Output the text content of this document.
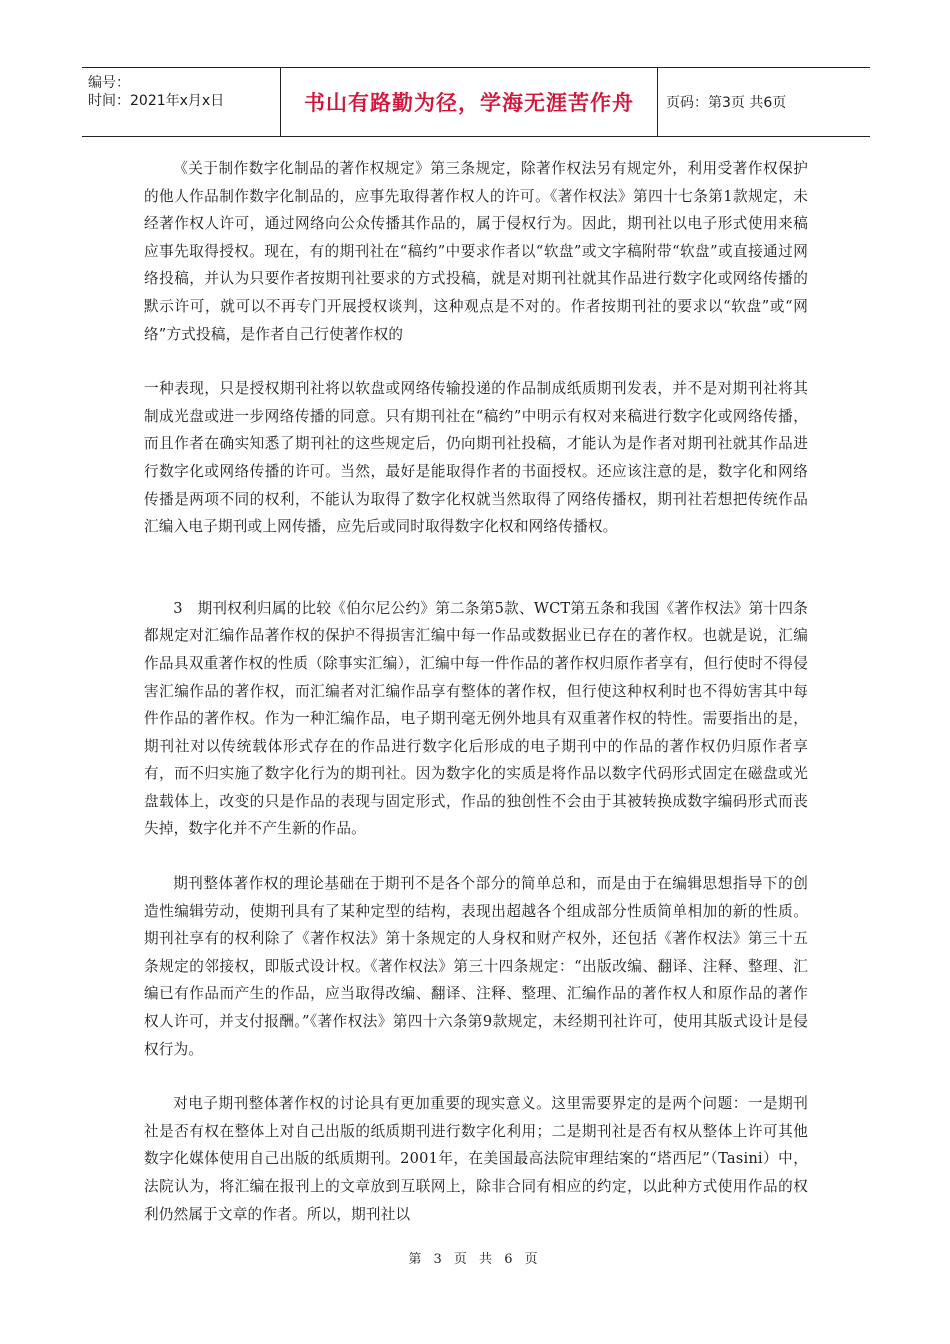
编号：
时间：2021年x月x日	书山有路勤为径，学海无涯苦作舟 页码：第3页 共6页

《关于制作数字化制品的著作权规定》第三条规定，除著作权法另有规定外，利用受著作权保护的他人作品制作数字化制品的，应事先取得著作权人的许可。《著作权法》第四十七条第1款规定，未经著作权人许可，通过网络向公众传播其作品的，属于侵权行为。因此，期刊社以电子形式使用来稿应事先取得授权。现在，有的期刊社在“稿约”中要求作者以“软盘”或文字稿附带“软盘”或直接通过网络投稿，并认为只要作者按期刊社要求的方式投稿，就是对期刊社就其作品进行数字化或网络传播的默示许可，就可以不再专门开展授权谈判，这种观点是不对的。作者按期刊社的要求以“软盘”或“网络”方式投稿，是作者自己行使著作权的

一种表现，只是授权期刊社将以软盘或网络传输投递的作品制成纸质期刊发表，并不是对期刊社将其制成光盘或进一步网络传播的同意。只有期刊社在“稿约”中明示有权对来稿进行数字化或网络传播，而且作者在确实知悉了期刊社的这些规定后，仍向期刊社投稿，才能认为是作者对期刊社就其作品进行数字化或网络传播的许可。当然，最好是能取得作者的书面授权。还应该注意的是，数字化和网络传播是两项不同的权利，不能认为取得了数字化权就当然取得了网络传播权，期刊社若想把传统作品汇编入电子期刊或上网传播，应先后或同时取得数字化权和网络传播权。

3　期刊权利归属的比较《伯尔尼公约》第二条第5款、WCT第五条和我国《著作权法》第十四条都规定对汇编作品著作权的保护不得损害汇编中每一作品或数据业已存在的著作权。也就是说，汇编作品具双重著作权的性质（除事实汇编），汇编中每一件作品的著作权归原作者享有，但行使时不得侵害汇编作品的著作权，而汇编者对汇编作品享有整体的著作权，但行使这种权利时也不得妨害其中每件作品的著作权。作为一种汇编作品，电子期刊毫无例外地具有双重著作权的特性。需要指出的是，期刊社对以传统载体形式存在的作品进行数字化后形成的电子期刊中的作品的著作权仍归原作者享有，而不归实施了数字化行为的期刊社。因为数字化的实质是将作品以数字代码形式固定在磁盘或光盘载体上，改变的只是作品的表现与固定形式，作品的独创性不会由于其被转换成数字编码形式而丧失掉，数字化并不产生新的作品。

期刊整体著作权的理论基础在于期刊不是各个部分的简单总和，而是由于在编辑思想指导下的创造性编辑劳动，使期刊具有了某种定型的结构，表现出超越各个组成部分性质简单相加的新的性质。期刊社享有的权利除了《著作权法》第十条规定的人身权和财产权外，还包括《著作权法》第三十五条规定的邻接权，即版式设计权。《著作权法》第三十四条规定：“出版改编、翻译、注释、整理、汇编已有作品而产生的作品，应当取得改编、翻译、注释、整理、汇编作品的著作权人和原作品的著作权人许可，并支付报酬。”《著作权法》第四十六条第9款规定，未经期刊社许可，使用其版式设计是侵权行为。

对电子期刊整体著作权的讨论具有更加重要的现实意义。这里需要界定的是两个问题：一是期刊社是否有权在整体上对自己出版的纸质期刊进行数字化利用；二是期刊社是否有权从整体上许可其他数字化媒体使用自己出版的纸质期刊。2001年，在美国最高法院审理结案的“塔西尼”（Tasini）中，法院认为，将汇编在报刊上的文章放到互联网上，除非合同有相应的约定，以此种方式使用作品的权利仍然属于文章的作者。所以，期刊社以

第 3 页 共 6 页
